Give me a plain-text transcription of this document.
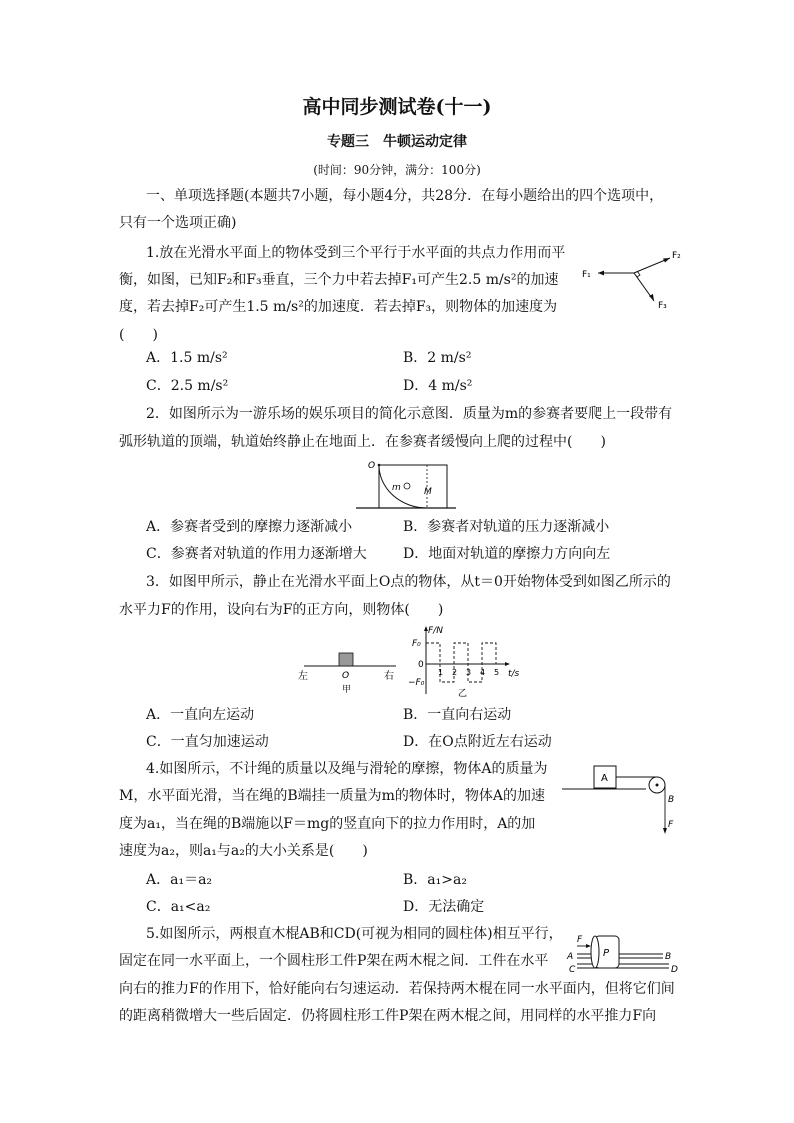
高中同步测试卷(十一)
专题三　牛顿运动定律
(时间：90分钟，满分：100分)
一、单项选择题(本题共7小题，每小题4分，共28分．在每小题给出的四个选项中，
只有一个选项正确)
1.放在光滑水平面上的物体受到三个平行于水平面的共点力作用而平
衡，如图，已知F₂和F₃垂直，三个力中若去掉F₁可产生2.5 m/s²的加速
度，若去掉F₂可产生1.5 m/s²的加速度．若去掉F₃，则物体的加速度为
(　　)
A．1.5 m/s²	B．2 m/s²
C．2.5 m/s²	D．4 m/s²
F₁
F₂
F₃
2．如图所示为一游乐场的娱乐项目的简化示意图．质量为m的参赛者要爬上一段带有
弧形轨道的顶端，轨道始终静止在地面上．在参赛者缓慢向上爬的过程中(　　)
O
m	M
A．参赛者受到的摩擦力逐渐减小	B．参赛者对轨道的压力逐渐减小
C．参赛者对轨道的作用力逐渐增大	D．地面对轨道的摩擦力方向向左
3．如图甲所示，静止在光滑水平面上O点的物体，从t＝0开始物体受到如图乙所示的
水平力F的作用，设向右为F的正方向，则物体(　　)
左	O	右
甲
F/N
F₀
0
−F₀
1 2 3 4 5 t/s
乙
A．一直向左运动	B．一直向右运动
C．一直匀加速运动	D．在O点附近左右运动
4.如图所示，不计绳的质量以及绳与滑轮的摩擦，物体A的质量为
M，水平面光滑，当在绳的B端挂一质量为m的物体时，物体A的加速
度为a₁，当在绳的B端施以F＝mg的竖直向下的拉力作用时，A的加
速度为a₂，则a₁与a₂的大小关系是(　　)
A
B
F
A．a₁＝a₂	B．a₁>a₂
C．a₁<a₂	D．无法确定
5.如图所示，两根直木棍AB和CD(可视为相同的圆柱体)相互平行，
固定在同一水平面上，一个圆柱形工件P架在两木棍之间．工件在水平
向右的推力F的作用下，恰好能向右匀速运动．若保持两木棍在同一水平面内，但将它们间
的距离稍微增大一些后固定．仍将圆柱形工件P架在两木棍之间，用同样的水平推力F向
F
A
C
P	B
D
